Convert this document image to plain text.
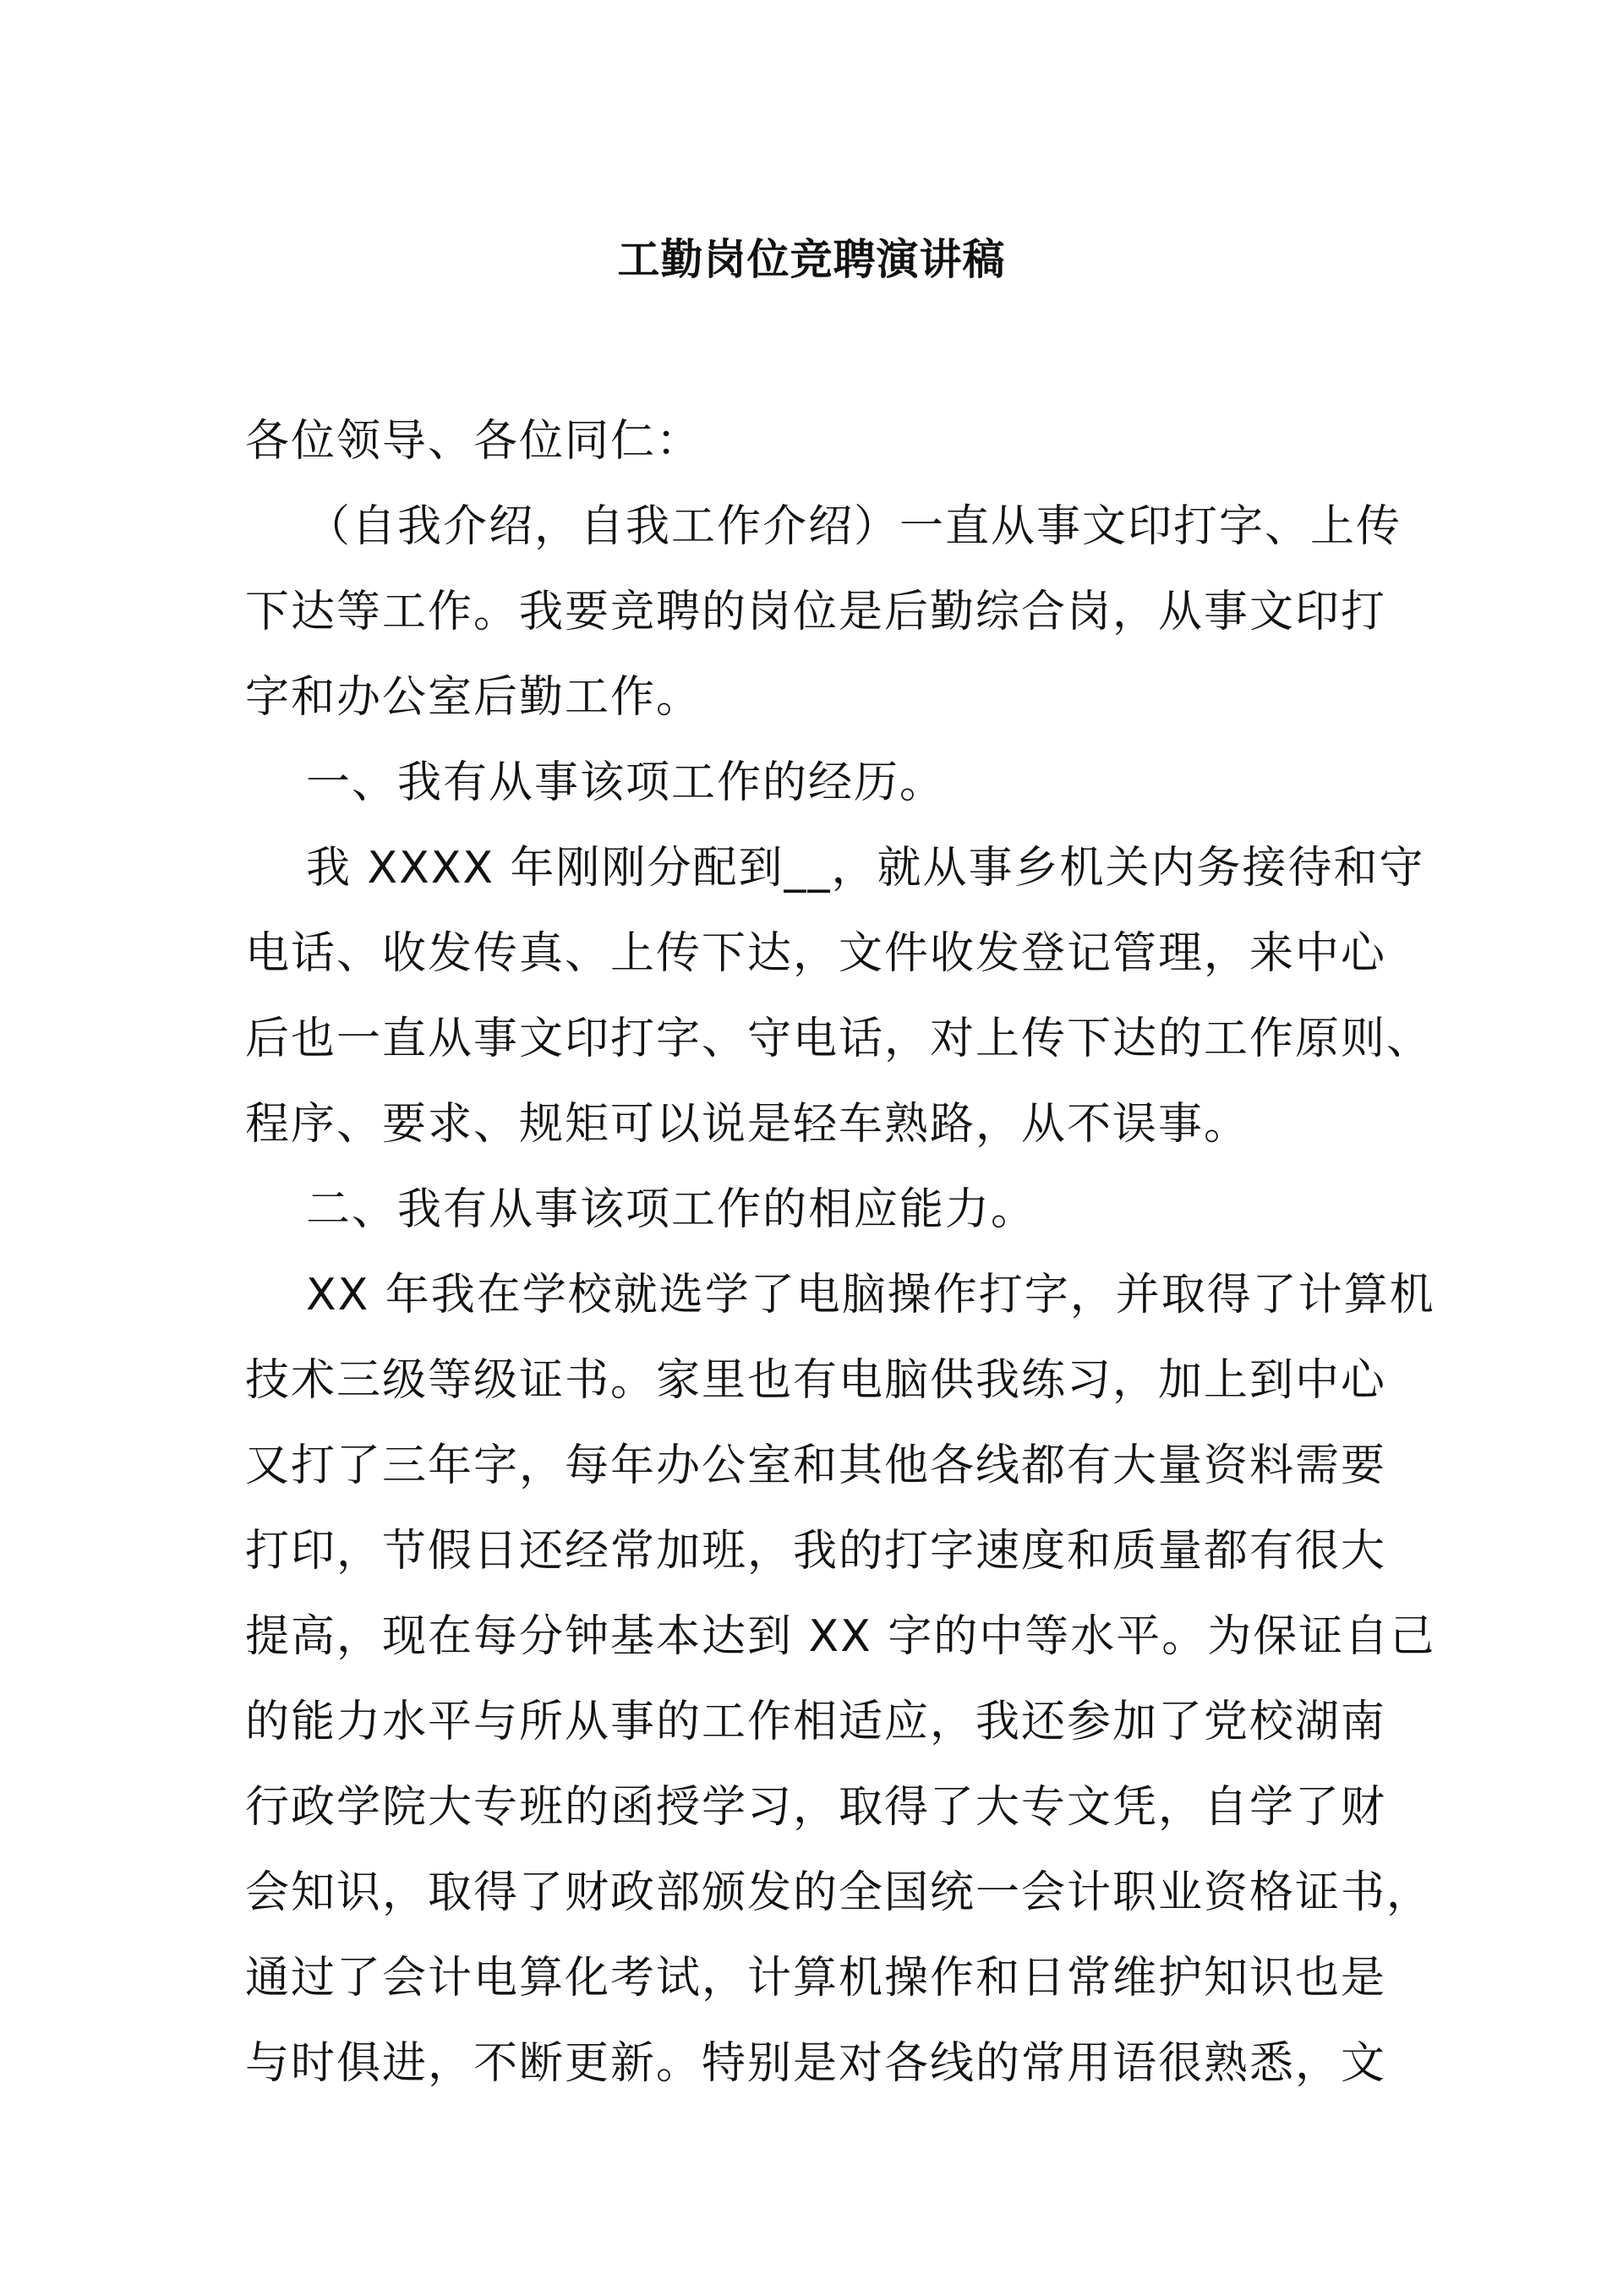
工勤岗位竞聘演讲稿

各位领导、各位同仁：

（自我介绍，自我工作介绍）一直从事文印打字、上传
下达等工作。我要竞聘的岗位是后勤综合岗，从事文印打
字和办公室后勤工作。

一、我有从事该项工作的经历。

我 XXXX 年刚刚分配到__，就从事乡机关内务接待和守
电话、收发传真、上传下达，文件收发登记管理，来中心
后也一直从事文印打字、守电话，对上传下达的工作原则、
程序、要求、规矩可以说是轻车熟路，从不误事。

二、我有从事该项工作的相应能力。

XX 年我在学校就选学了电脑操作打字，并取得了计算机
技术三级等级证书。家里也有电脑供我练习，加上到中心
又打了三年字，每年办公室和其他各线都有大量资料需要
打印，节假日还经常加班，我的打字速度和质量都有很大
提高，现在每分钟基本达到 XX 字的中等水平。为保证自己
的能力水平与所从事的工作相适应，我还参加了党校湖南
行政学院大专班的函授学习，取得了大专文凭，自学了财
会知识，取得了财政部颁发的全国统一会计职业资格证书，
通过了会计电算化考试，计算机操作和日常维护知识也是
与时俱进，不断更新。特别是对各线的常用语很熟悉，文
